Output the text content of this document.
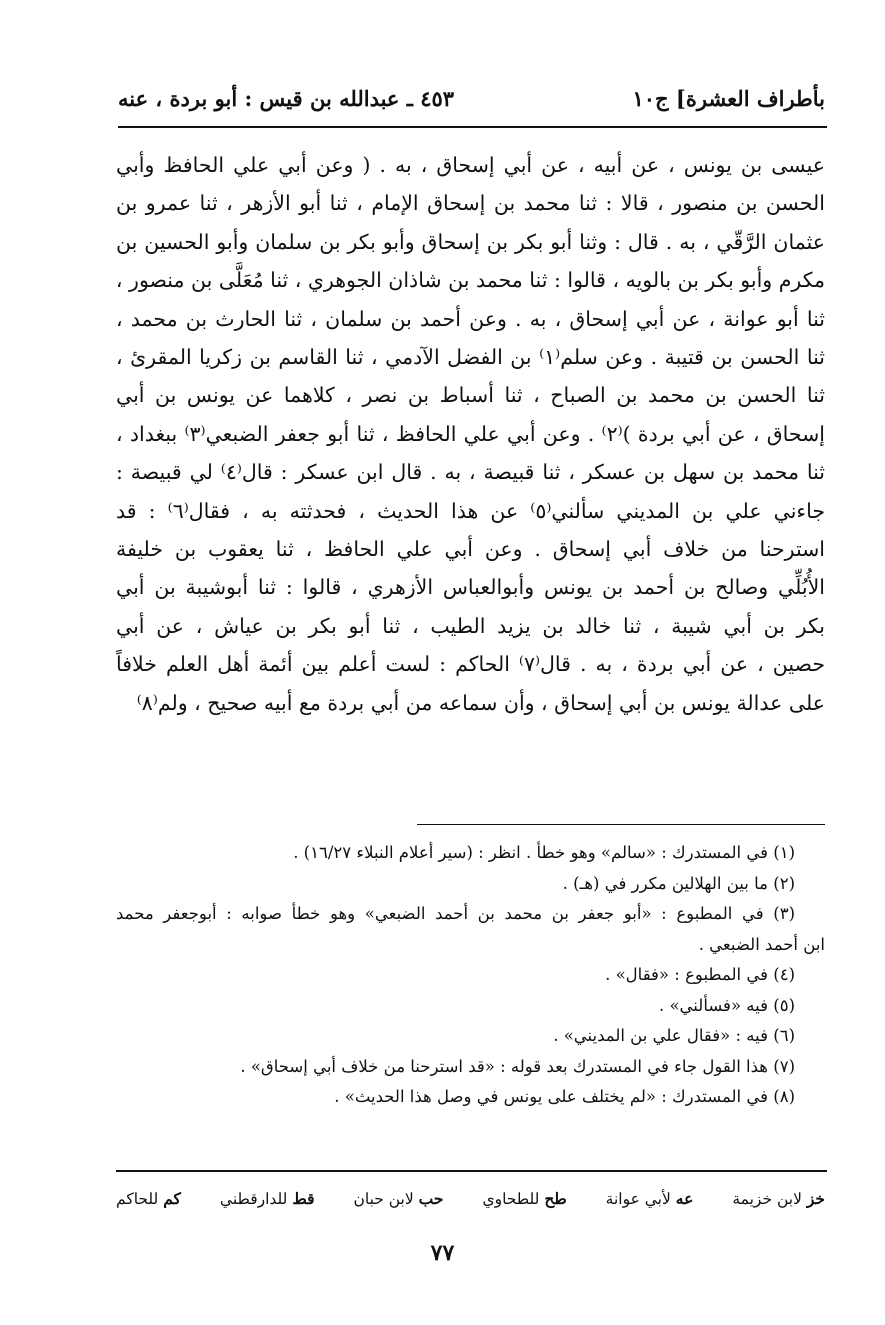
بأطراف العشرة] ج١٠
٤٥٣ ـ عبدالله بن قيس : أبو بردة ، عنه
عيسى بن يونس ، عن أبيه ، عن أبي إسحاق ، به . ( وعن أبي علي الحافظ وأبي
الحسن بن منصور ، قالا : ثنا محمد بن إسحاق الإمام ، ثنا أبو الأزهر ، ثنا عمرو بن
عثمان الرَّقّي ، به . قال : وثنا أبو بكر بن إسحاق وأبو بكر بن سلمان وأبو الحسين بن
مكرم وأبو بكر بن بالويه ، قالوا : ثنا محمد بن شاذان الجوهري ، ثنا مُعَلَّى بن منصور ،
ثنا أبو عوانة ، عن أبي إسحاق ، به . وعن أحمد بن سلمان ، ثنا الحارث بن محمد ،
ثنا الحسن بن قتيبة . وعن سلم⁽١⁾ بن الفضل الآدمي ، ثنا القاسم بن زكريا المقرئ ،
ثنا الحسن بن محمد بن الصباح ، ثنا أسباط بن نصر ، كلاهما عن يونس بن أبي
إسحاق ، عن أبي بردة )⁽٢⁾ . وعن أبي علي الحافظ ، ثنا أبو جعفر الضبعي⁽٣⁾ ببغداد ،
ثنا محمد بن سهل بن عسكر ، ثنا قبيصة ، به . قال ابن عسكر : قال⁽٤⁾ لي قبيصة :
جاءني علي بن المديني سألني⁽٥⁾ عن هذا الحديث ، فحدثته به ، فقال⁽٦⁾ : قد
استرحنا من خلاف أبي إسحاق . وعن أبي علي الحافظ ، ثنا يعقوب بن خليفة
الأُبُلِّي وصالح بن أحمد بن يونس وأبوالعباس الأزهري ، قالوا : ثنا أبوشيبة بن أبي
بكر بن أبي شيبة ، ثنا خالد بن يزيد الطيب ، ثنا أبو بكر بن عياش ، عن أبي
حصين ، عن أبي بردة ، به . قال⁽٧⁾ الحاكم : لست أعلم بين أئمة أهل العلم خلافاً
على عدالة يونس بن أبي إسحاق ، وأن سماعه من أبي بردة مع أبيه صحيح ، ولم⁽٨⁾
(١) في المستدرك : «سالم» وهو خطأ . انظر : (سير أعلام النبلاء ١٦/٢٧) .
(٢) ما بين الهلالين مكرر في (هـ) .
(٣) في المطبوع : «أبو جعفر بن محمد بن أحمد الضبعي» وهو خطأ صوابه : أبوجعفر محمد
ابن أحمد الضبعي .
(٤) في المطبوع : «فقال» .
(٥) فيه «فسألني» .
(٦) فيه : «فقال علي بن المديني» .
(٧) هذا القول جاء في المستدرك بعد قوله : «قد استرحنا من خلاف أبي إسحاق» .
(٨) في المستدرك : «لم يختلف على يونس في وصل هذا الحديث» .
خز لابن خزيمة
عه لأبي عوانة
طح للطحاوي
حب لابن حبان
قط للدارقطني
كم للحاكم
٧٧
